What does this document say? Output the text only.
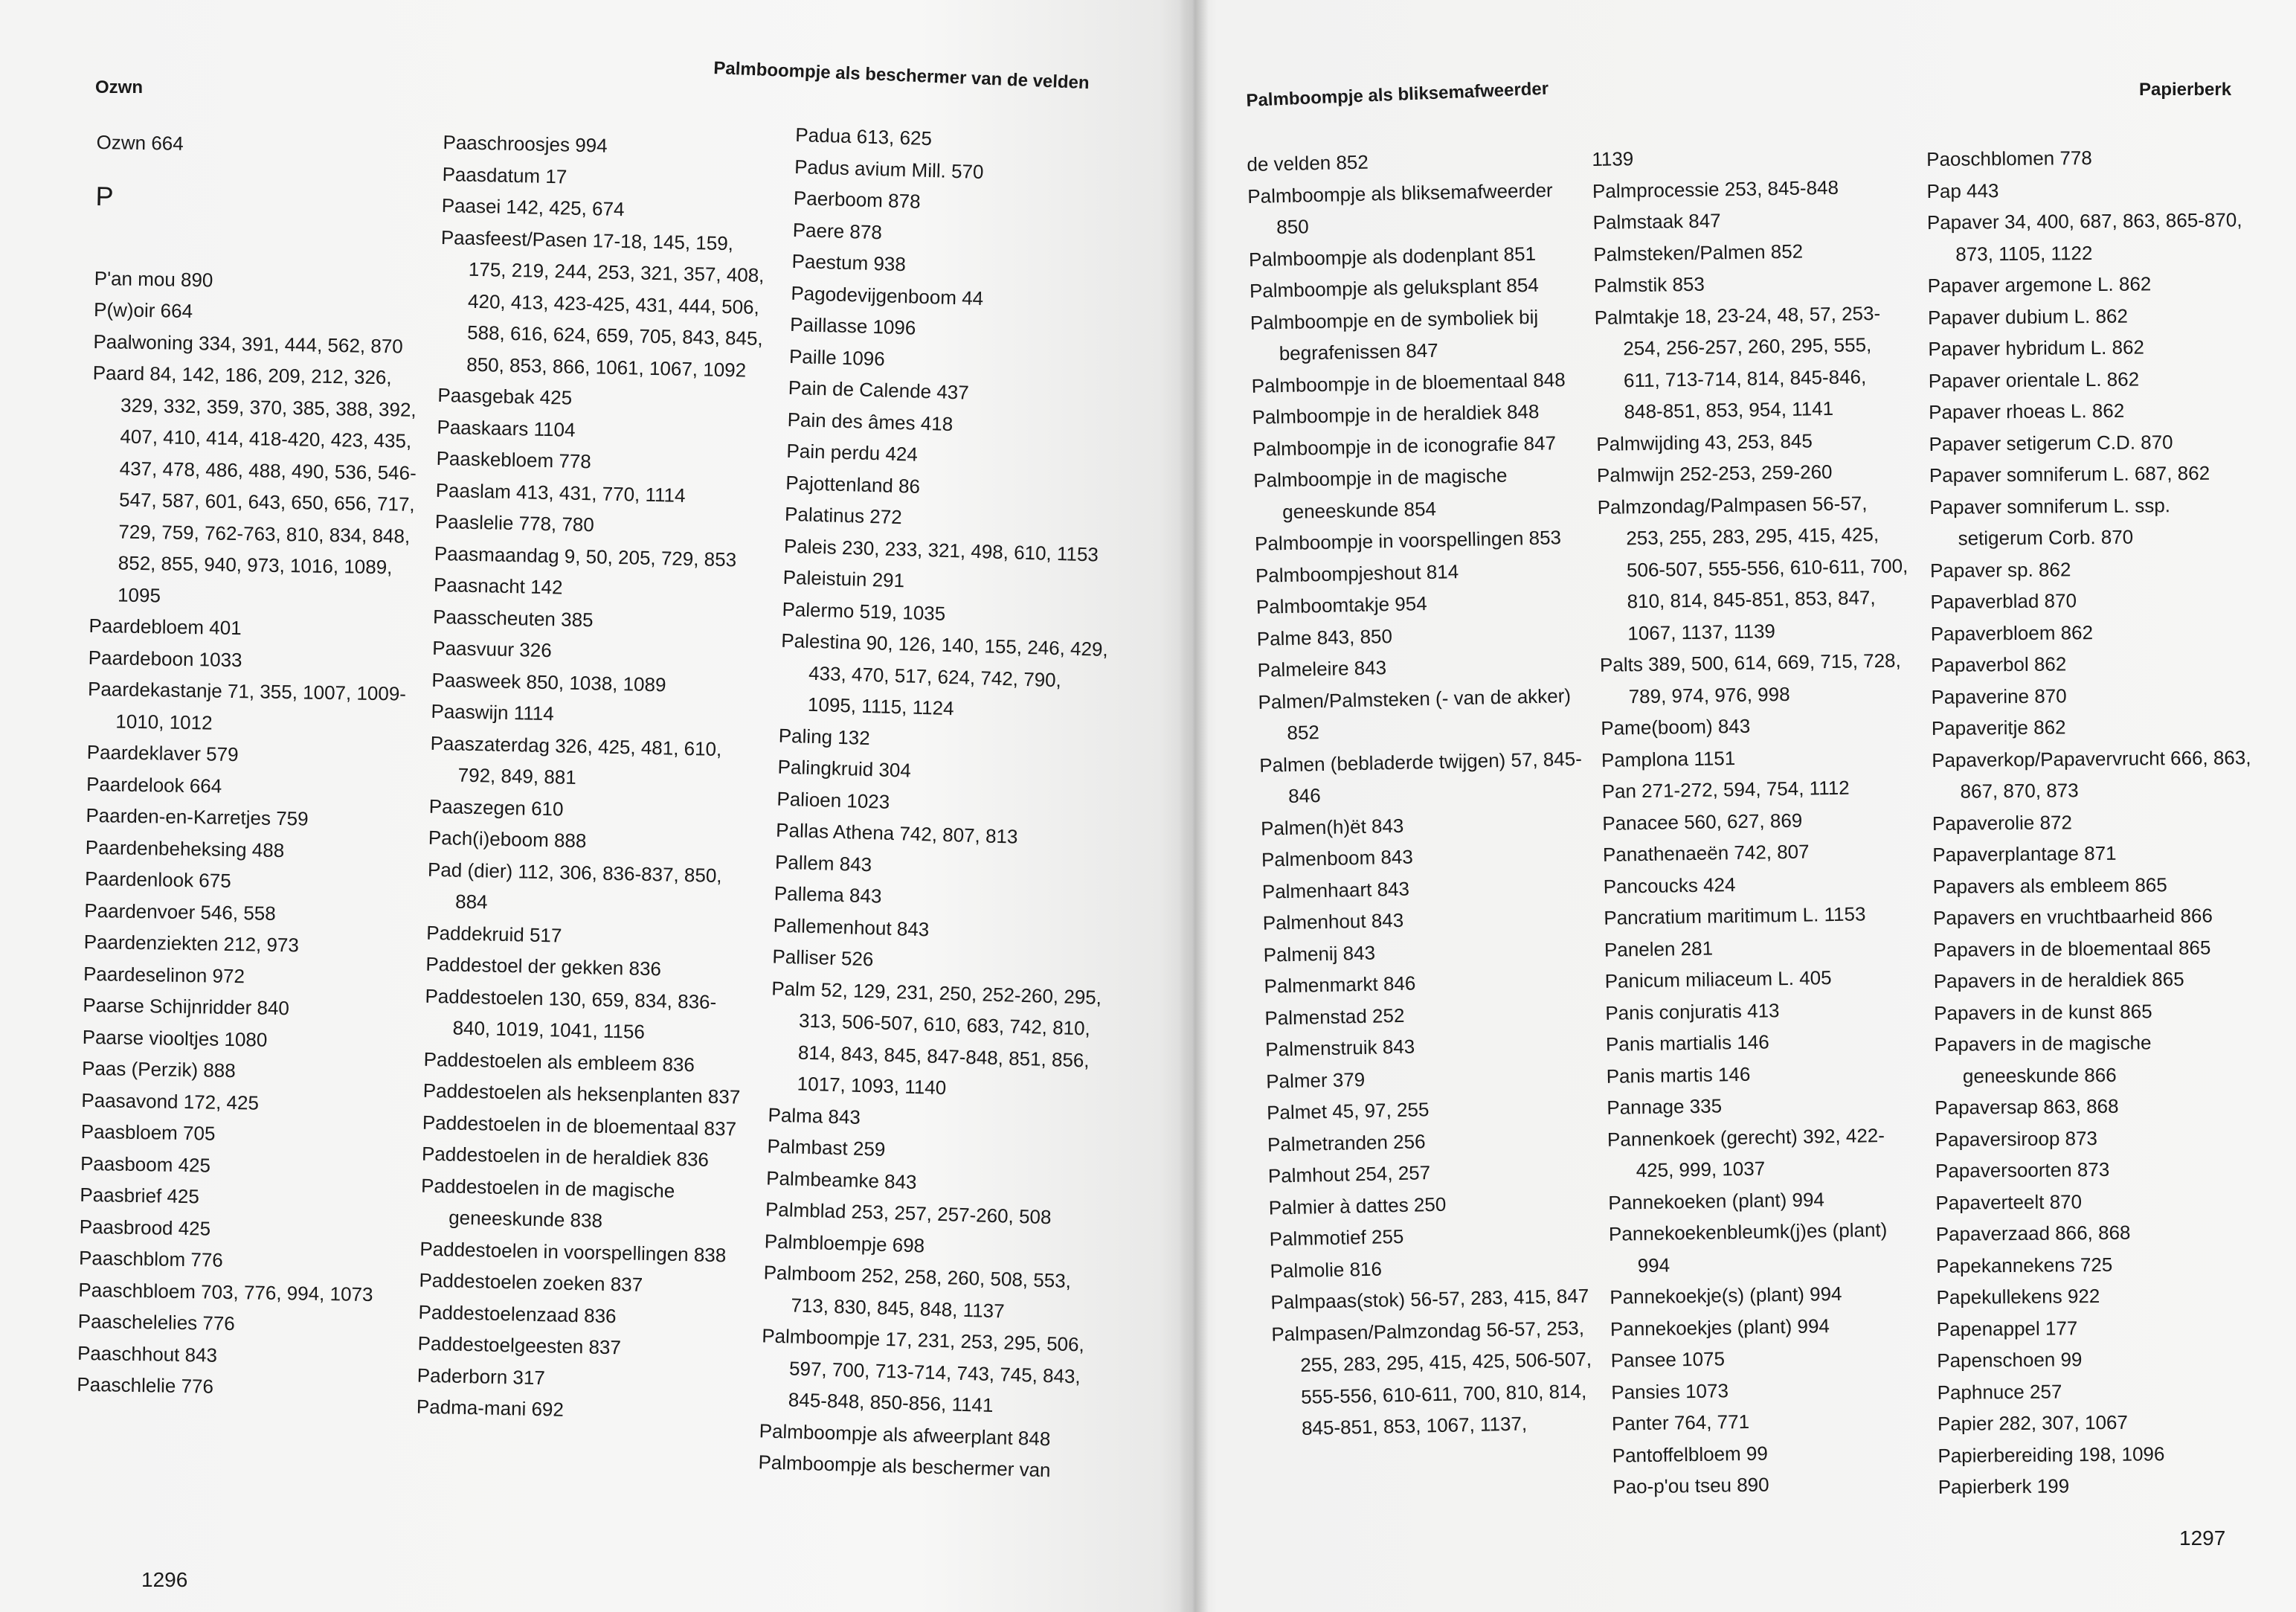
Ozwn	Palmboompje als beschermer van de velden
Ozwn 664
P
P'an mou 890
P(w)oir 664
Paalwoning 334, 391, 444, 562, 870
Paard 84, 142, 186, 209, 212, 326, 329, 332, 359, 370, 385, 388, 392, 407, 410, 414, 418-420, 423, 435, 437, 478, 486, 488, 490, 536, 546-547, 587, 601, 643, 650, 656, 717, 729, 759, 762-763, 810, 834, 848, 852, 855, 940, 973, 1016, 1089, 1095
Paardebloem 401
Paardeboon 1033
Paardekastanje 71, 355, 1007, 1009-1010, 1012
Paardeklaver 579
Paardelook 664
Paarden-en-Karretjes 759
Paardenbeheksing 488
Paardenlook 675
Paardenvoer 546, 558
Paardenziekten 212, 973
Paardeselinon 972
Paarse Schijnridder 840
Paarse viooltjes 1080
Paas (Perzik) 888
Paasavond 172, 425
Paasbloem 705
Paasboom 425
Paasbrief 425
Paasbrood 425
Paaschblom 776
Paaschbloem 703, 776, 994, 1073
Paaschelelies 776
Paaschhout 843
Paaschlelie 776
Paaschroosjes 994
Paasdatum 17
Paasei 142, 425, 674
Paasfeest/Pasen 17-18, 145, 159, 175, 219, 244, 253, 321, 357, 408, 420, 413, 423-425, 431, 444, 506, 588, 616, 624, 659, 705, 843, 845, 850, 853, 866, 1061, 1067, 1092
Paasgebak 425
Paaskaars 1104
Paaskebloem 778
Paaslam 413, 431, 770, 1114
Paaslelie 778, 780
Paasmaandag 9, 50, 205, 729, 853
Paasnacht 142
Paasscheuten 385
Paasvuur 326
Paasweek 850, 1038, 1089
Paaswijn 1114
Paaszaterdag 326, 425, 481, 610, 792, 849, 881
Paaszegen 610
Pach(i)eboom 888
Pad (dier) 112, 306, 836-837, 850, 884
Paddekruid 517
Paddestoel der gekken 836
Paddestoelen 130, 659, 834, 836-840, 1019, 1041, 1156
Paddestoelen als embleem 836
Paddestoelen als heksenplanten 837
Paddestoelen in de bloementaal 837
Paddestoelen in de heraldiek 836
Paddestoelen in de magische geneeskunde 838
Paddestoelen in voorspellingen 838
Paddestoelen zoeken 837
Paddestoelenzaad 836
Paddestoelgeesten 837
Paderborn 317
Padma-mani 692
Padua 613, 625
Padus avium Mill. 570
Paerboom 878
Paere 878
Paestum 938
Pagodevijgenboom 44
Paillasse 1096
Paille 1096
Pain de Calende 437
Pain des âmes 418
Pain perdu 424
Pajottenland 86
Palatinus 272
Paleis 230, 233, 321, 498, 610, 1153
Paleistuin 291
Palermo 519, 1035
Palestina 90, 126, 140, 155, 246, 429, 433, 470, 517, 624, 742, 790, 1095, 1115, 1124
Paling 132
Palingkruid 304
Palioen 1023
Pallas Athena 742, 807, 813
Pallem 843
Pallema 843
Pallemenhout 843
Palliser 526
Palm 52, 129, 231, 250, 252-260, 295, 313, 506-507, 610, 683, 742, 810, 814, 843, 845, 847-848, 851, 856, 1017, 1093, 1140
Palma 843
Palmbast 259
Palmbeamke 843
Palmblad 253, 257, 257-260, 508
Palmbloempje 698
Palmboom 252, 258, 260, 508, 553, 713, 830, 845, 848, 1137
Palmboompje 17, 231, 253, 295, 506, 597, 700, 713-714, 743, 745, 843, 845-848, 850-856, 1141
Palmboompje als afweerplant 848
Palmboompje als beschermer van
1296
Palmboompje als bliksemafweerder	Papierberk
de velden 852
Palmboompje als bliksemafweerder 850
Palmboompje als dodenplant 851
Palmboompje als geluksplant 854
Palmboompje en de symboliek bij begrafenissen 847
Palmboompje in de bloementaal 848
Palmboompje in de heraldiek 848
Palmboompje in de iconografie 847
Palmboompje in de magische geneeskunde 854
Palmboompje in voorspellingen 853
Palmboompjeshout 814
Palmboomtakje 954
Palme 843, 850
Palmeleire 843
Palmen/Palmsteken (- van de akker) 852
Palmen (bebladerde twijgen) 57, 845-846
Palmen(h)ët 843
Palmenboom 843
Palmenhaart 843
Palmenhout 843
Palmenij 843
Palmenmarkt 846
Palmenstad 252
Palmenstruik 843
Palmer 379
Palmet 45, 97, 255
Palmetranden 256
Palmhout 254, 257
Palmier à dattes 250
Palmmotief 255
Palmolie 816
Palmpaas(stok) 56-57, 283, 415, 847
Palmpasen/Palmzondag 56-57, 253, 255, 283, 295, 415, 425, 506-507, 555-556, 610-611, 700, 810, 814, 845-851, 853, 1067, 1137,
1139
Palmprocessie 253, 845-848
Palmstaak 847
Palmsteken/Palmen 852
Palmstik 853
Palmtakje 18, 23-24, 48, 57, 253-254, 256-257, 260, 295, 555, 611, 713-714, 814, 845-846, 848-851, 853, 954, 1141
Palmwijding 43, 253, 845
Palmwijn 252-253, 259-260
Palmzondag/Palmpasen 56-57, 253, 255, 283, 295, 415, 425, 506-507, 555-556, 610-611, 700, 810, 814, 845-851, 853, 847, 1067, 1137, 1139
Palts 389, 500, 614, 669, 715, 728, 789, 974, 976, 998
Pame(boom) 843
Pamplona 1151
Pan 271-272, 594, 754, 1112
Panacee 560, 627, 869
Panathenaeën 742, 807
Pancoucks 424
Pancratium maritimum L. 1153
Panelen 281
Panicum miliaceum L. 405
Panis conjuratis 413
Panis martialis 146
Panis martis 146
Pannage 335
Pannenkoek (gerecht) 392, 422-425, 999, 1037
Pannekoeken (plant) 994
Pannekoekenbleumk(j)es (plant) 994
Pannekoekje(s) (plant) 994
Pannekoekjes (plant) 994
Pansee 1075
Pansies 1073
Panter 764, 771
Pantoffelbloem 99
Pao-p'ou tseu 890
Paoschblomen 778
Pap 443
Papaver 34, 400, 687, 863, 865-870, 873, 1105, 1122
Papaver argemone L. 862
Papaver dubium L. 862
Papaver hybridum L. 862
Papaver orientale L. 862
Papaver rhoeas L. 862
Papaver setigerum C.D. 870
Papaver somniferum L. 687, 862
Papaver somniferum L. ssp. setigerum Corb. 870
Papaver sp. 862
Papaverblad 870
Papaverbloem 862
Papaverbol 862
Papaverine 870
Papaveritje 862
Papaverkop/Papavervrucht 666, 863, 867, 870, 873
Papaverolie 872
Papaverplantage 871
Papavers als embleem 865
Papavers en vruchtbaarheid 866
Papavers in de bloementaal 865
Papavers in de heraldiek 865
Papavers in de kunst 865
Papavers in de magische geneeskunde 866
Papaversap 863, 868
Papaversiroop 873
Papaversoorten 873
Papaverteelt 870
Papaverzaad 866, 868
Papekannekens 725
Papekullekens 922
Papenappel 177
Papenschoen 99
Paphnuce 257
Papier 282, 307, 1067
Papierbereiding 198, 1096
Papierberk 199
1297
